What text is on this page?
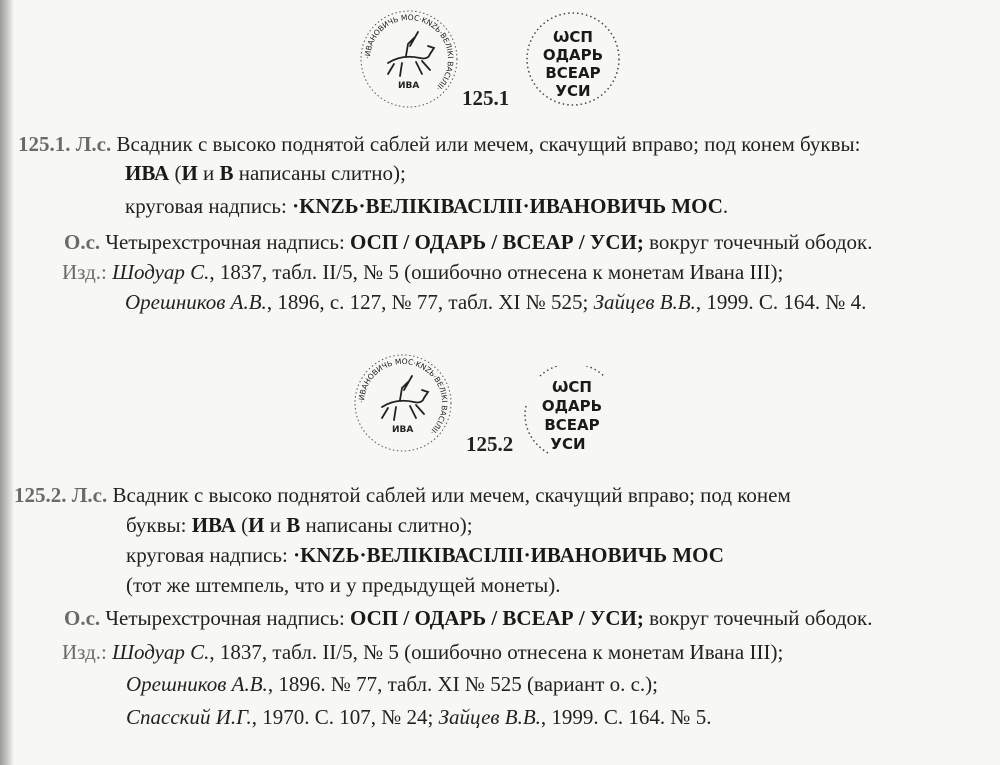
·ИВАНОВИЧЬ МОС·KNZЬ·ВЕЛІКІ ВАСІЛІІ·
ИВА
ѠСП
ОДАРЬ
ВСЕАР
УСИ
125.1
125.1. Л.с. Всадник с высоко поднятой саблей или мечем, скачущий вправо; под конем буквы:
ИВА (И и В написаны слитно);
круговая надпись: ·KNZЬ·ВЕЛІКІВАСІЛІІ·ИВАНОВИЧЬ МОС.
О.с. Четырехстрочная надпись: ОСП / ОДАРЬ / ВСЕАР / УСИ; вокруг точечный ободок.
Изд.: Шодуар С., 1837, табл. II/5, № 5 (ошибочно отнесена к монетам Ивана III);
Орешников А.В., 1896, с. 127, № 77, табл. XI № 525; Зайцев В.В., 1999. С. 164. № 4.
·ИВАНОВИЧЬ МОС·KNZЬ·ВЕЛІКІ ВАСІЛІІ·
ИВА
ѠСП
ОДАРЬ
ВСЕАР
УСИ
125.2
125.2. Л.с. Всадник с высоко поднятой саблей или мечем, скачущий вправо; под конем
буквы: ИВА (И и В написаны слитно);
круговая надпись: ·KNZЬ·ВЕЛІКІВАСІЛІІ·ИВАНОВИЧЬ МОС
(тот же штемпель, что и у предыдущей монеты).
О.с. Четырехстрочная надпись: ОСП / ОДАРЬ / ВСЕАР / УСИ; вокруг точечный ободок.
Изд.: Шодуар С., 1837, табл. II/5, № 5 (ошибочно отнесена к монетам Ивана III);
Орешников А.В., 1896. № 77, табл. XI № 525 (вариант о. с.);
Спасский И.Г., 1970. С. 107, № 24; Зайцев В.В., 1999. С. 164. № 5.
